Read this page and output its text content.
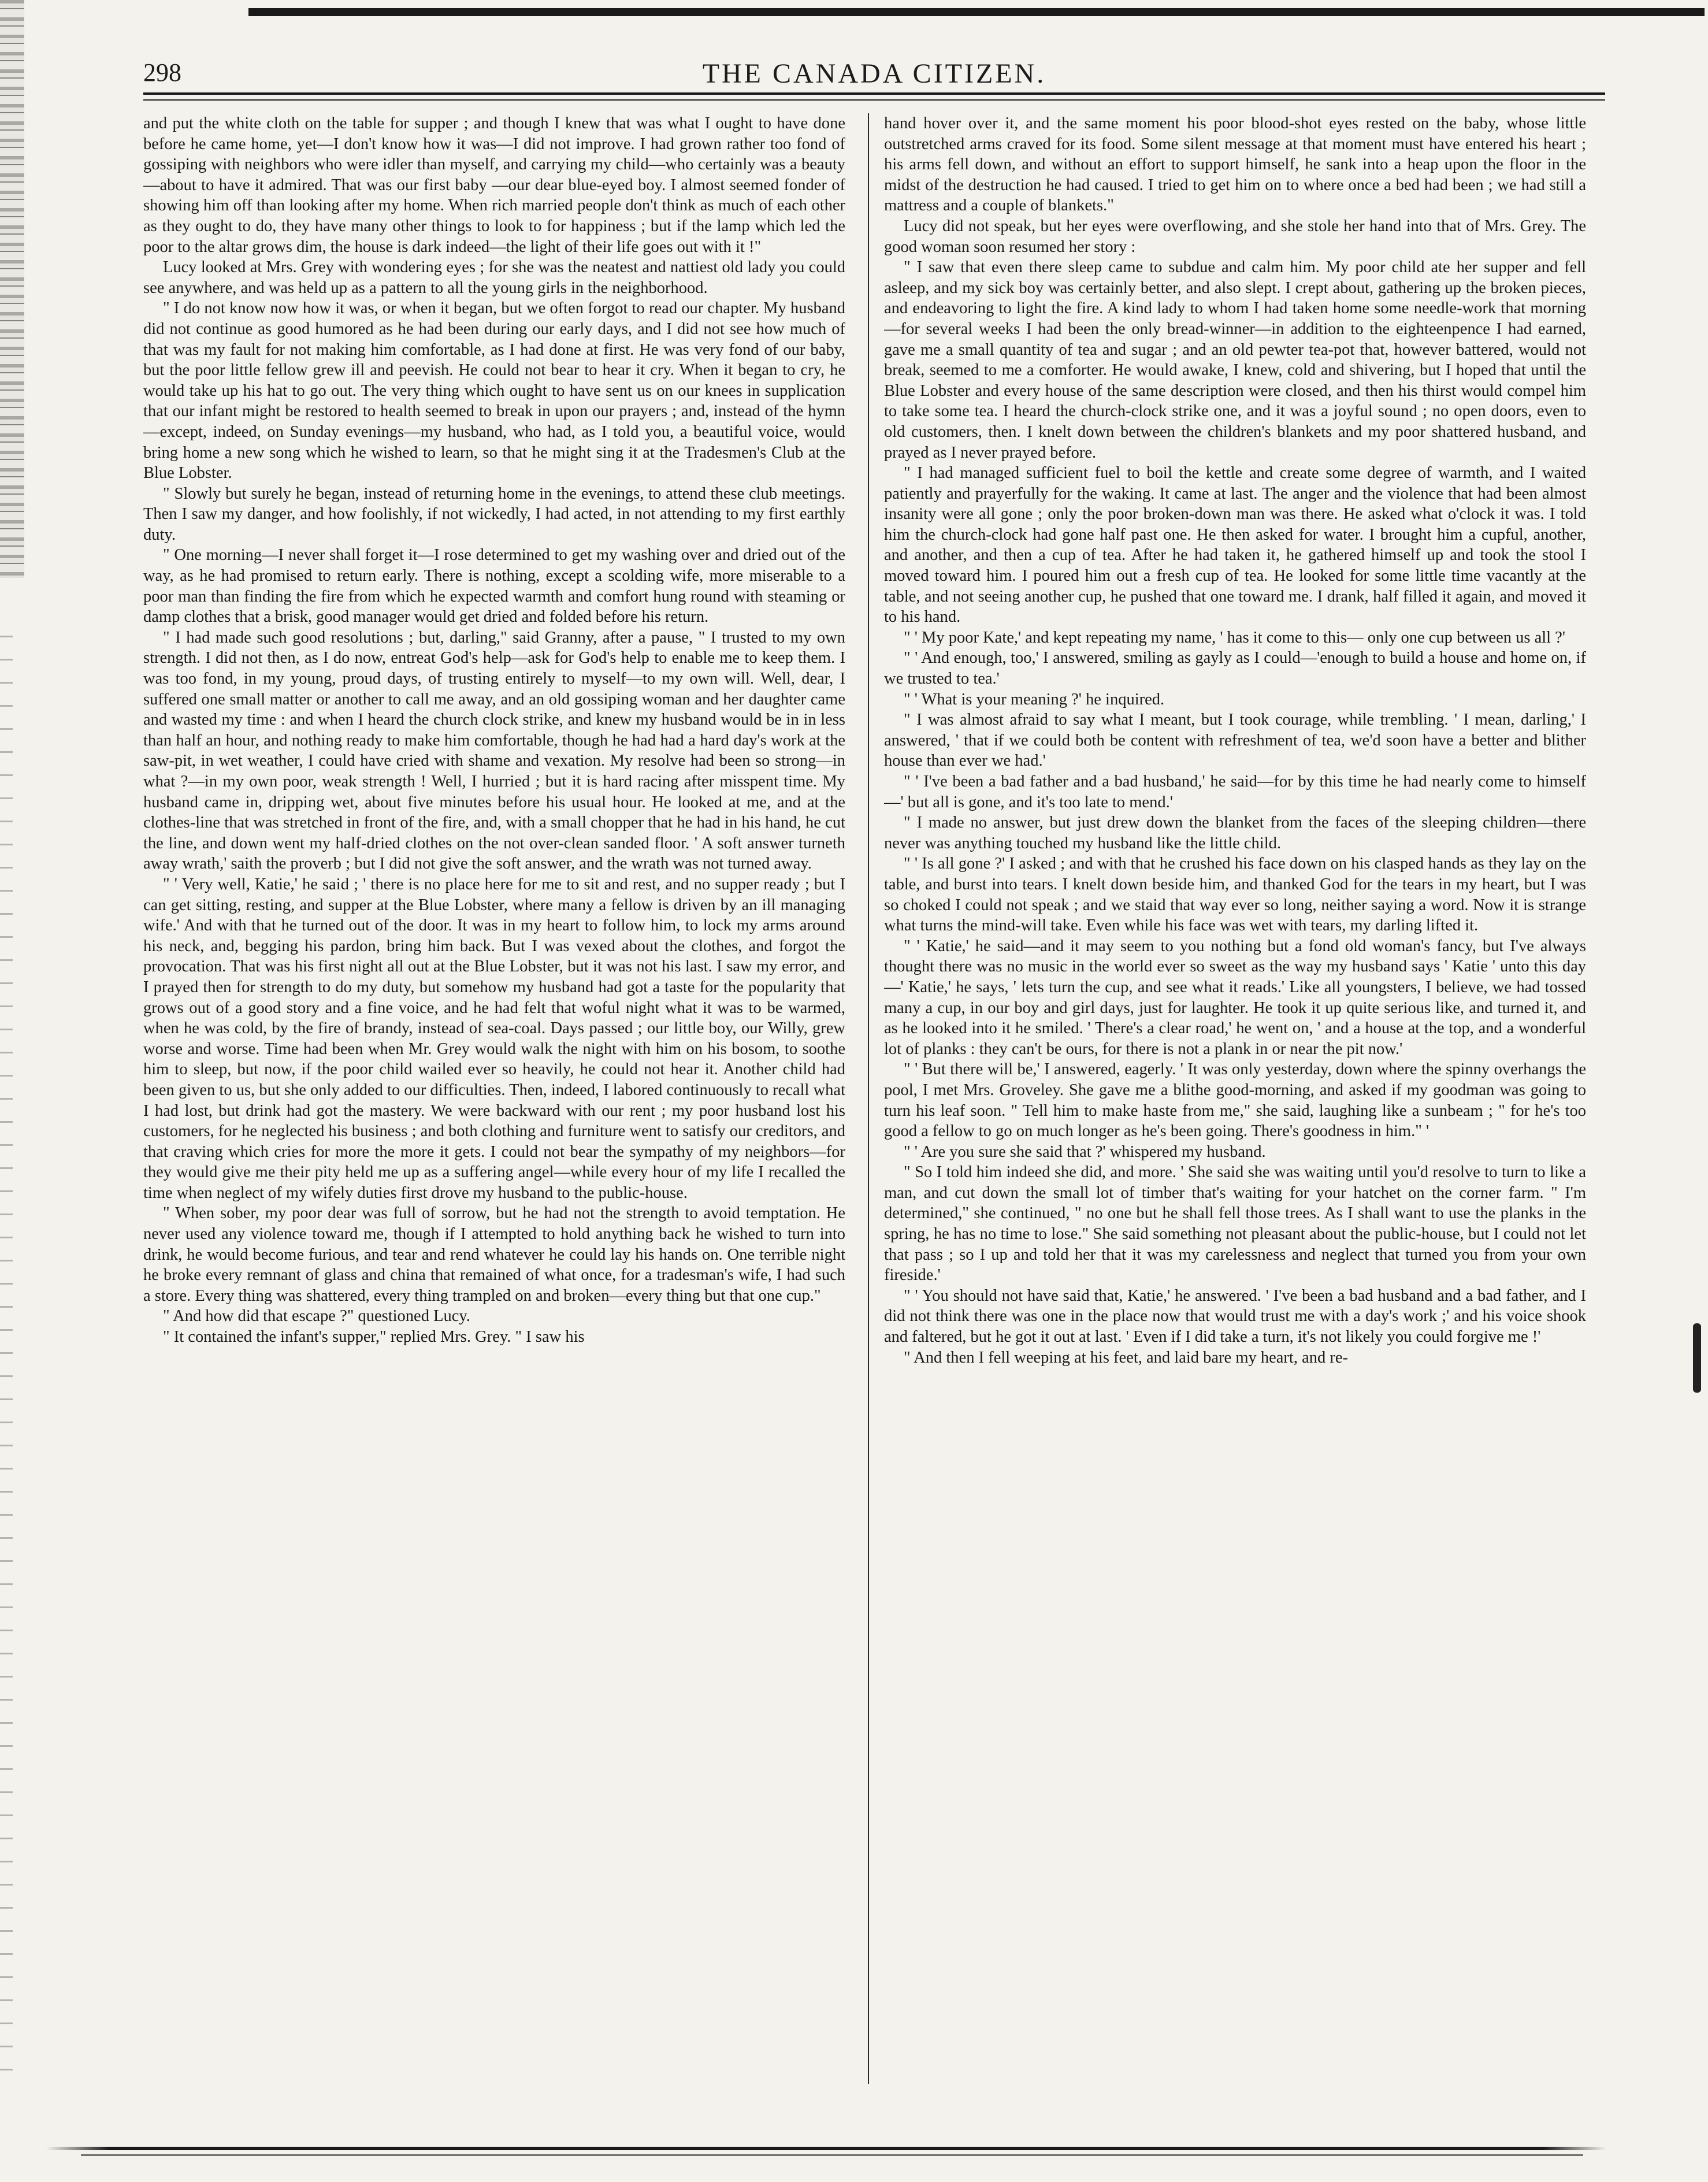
298	THE CANADA CITIZEN.

and put the white cloth on the table for supper ; and though I knew that was what I ought to have done before he came home, yet—I don't know how it was—I did not improve. I had grown rather too fond of gossiping with neighbors who were idler than myself, and carrying my child—who certainly was a beauty—about to have it admired. That was our first baby —our dear blue-eyed boy. I almost seemed fonder of showing him off than looking after my home. When rich married people don't think as much of each other as they ought to do, they have many other things to look to for happiness ; but if the lamp which led the poor to the altar grows dim, the house is dark indeed—the light of their life goes out with it !"

Lucy looked at Mrs. Grey with wondering eyes ; for she was the neatest and nattiest old lady you could see anywhere, and was held up as a pattern to all the young girls in the neighborhood.

" I do not know now how it was, or when it began, but we often forgot to read our chapter. My husband did not continue as good humored as he had been during our early days, and I did not see how much of that was my fault for not making him comfortable, as I had done at first. He was very fond of our baby, but the poor little fellow grew ill and peevish. He could not bear to hear it cry. When it began to cry, he would take up his hat to go out. The very thing which ought to have sent us on our knees in supplication that our infant might be restored to health seemed to break in upon our prayers ; and, instead of the hymn—except, indeed, on Sunday evenings—my husband, who had, as I told you, a beautiful voice, would bring home a new song which he wished to learn, so that he might sing it at the Tradesmen's Club at the Blue Lobster.

" Slowly but surely he began, instead of returning home in the evenings, to attend these club meetings. Then I saw my danger, and how foolishly, if not wickedly, I had acted, in not attending to my first earthly duty.

" One morning—I never shall forget it—I rose determined to get my washing over and dried out of the way, as he had promised to return early. There is nothing, except a scolding wife, more miserable to a poor man than finding the fire from which he expected warmth and comfort hung round with steaming or damp clothes that a brisk, good manager would get dried and folded before his return.

" I had made such good resolutions ; but, darling," said Granny, after a pause, " I trusted to my own strength. I did not then, as I do now, entreat God's help—ask for God's help to enable me to keep them. I was too fond, in my young, proud days, of trusting entirely to myself—to my own will. Well, dear, I suffered one small matter or another to call me away, and an old gossiping woman and her daughter came and wasted my time : and when I heard the church clock strike, and knew my husband would be in in less than half an hour, and nothing ready to make him comfortable, though he had had a hard day's work at the saw-pit, in wet weather, I could have cried with shame and vexation. My resolve had been so strong—in what ?—in my own poor, weak strength ! Well, I hurried ; but it is hard racing after misspent time. My husband came in, dripping wet, about five minutes before his usual hour. He looked at me, and at the clothes-line that was stretched in front of the fire, and, with a small chopper that he had in his hand, he cut the line, and down went my half-dried clothes on the not over-clean sanded floor. ' A soft answer turneth away wrath,' saith the proverb ; but I did not give the soft answer, and the wrath was not turned away.

" ' Very well, Katie,' he said ; ' there is no place here for me to sit and rest, and no supper ready ; but I can get sitting, resting, and supper at the Blue Lobster, where many a fellow is driven by an ill managing wife.' And with that he turned out of the door. It was in my heart to follow him, to lock my arms around his neck, and, begging his pardon, bring him back. But I was vexed about the clothes, and forgot the provocation. That was his first night all out at the Blue Lobster, but it was not his last. I saw my error, and I prayed then for strength to do my duty, but somehow my husband had got a taste for the popularity that grows out of a good story and a fine voice, and he had felt that woful night what it was to be warmed, when he was cold, by the fire of brandy, instead of sea-coal. Days passed ; our little boy, our Willy, grew worse and worse. Time had been when Mr. Grey would walk the night with him on his bosom, to soothe him to sleep, but now, if the poor child wailed ever so heavily, he could not hear it. Another child had been given to us, but she only added to our difficulties. Then, indeed, I labored continuously to recall what I had lost, but drink had got the mastery. We were backward with our rent ; my poor husband lost his customers, for he neglected his business ; and both clothing and furniture went to satisfy our creditors, and that craving which cries for more the more it gets. I could not bear the sympathy of my neighbors—for they would give me their pity held me up as a suffering angel—while every hour of my life I recalled the time when neglect of my wifely duties first drove my husband to the public-house.

" When sober, my poor dear was full of sorrow, but he had not the strength to avoid temptation. He never used any violence toward me, though if I attempted to hold anything back he wished to turn into drink, he would become furious, and tear and rend whatever he could lay his hands on. One terrible night he broke every remnant of glass and china that remained of what once, for a tradesman's wife, I had such a store. Every thing was shattered, every thing trampled on and broken—every thing but that one cup."

" And how did that escape ?" questioned Lucy.

" It contained the infant's supper," replied Mrs. Grey. " I saw his

hand hover over it, and the same moment his poor blood-shot eyes rested on the baby, whose little outstretched arms craved for its food. Some silent message at that moment must have entered his heart ; his arms fell down, and without an effort to support himself, he sank into a heap upon the floor in the midst of the destruction he had caused. I tried to get him on to where once a bed had been ; we had still a mattress and a couple of blankets."

Lucy did not speak, but her eyes were overflowing, and she stole her hand into that of Mrs. Grey. The good woman soon resumed her story :

" I saw that even there sleep came to subdue and calm him. My poor child ate her supper and fell asleep, and my sick boy was certainly better, and also slept. I crept about, gathering up the broken pieces, and endeavoring to light the fire. A kind lady to whom I had taken home some needle-work that morning—for several weeks I had been the only bread-winner—in addition to the eighteenpence I had earned, gave me a small quantity of tea and sugar ; and an old pewter tea-pot that, however battered, would not break, seemed to me a comforter. He would awake, I knew, cold and shivering, but I hoped that until the Blue Lobster and every house of the same description were closed, and then his thirst would compel him to take some tea. I heard the church-clock strike one, and it was a joyful sound ; no open doors, even to old customers, then. I knelt down between the children's blankets and my poor shattered husband, and prayed as I never prayed before.

" I had managed sufficient fuel to boil the kettle and create some degree of warmth, and I waited patiently and prayerfully for the waking. It came at last. The anger and the violence that had been almost insanity were all gone ; only the poor broken-down man was there. He asked what o'clock it was. I told him the church-clock had gone half past one. He then asked for water. I brought him a cupful, another, and another, and then a cup of tea. After he had taken it, he gathered himself up and took the stool I moved toward him. I poured him out a fresh cup of tea. He looked for some little time vacantly at the table, and not seeing another cup, he pushed that one toward me. I drank, half filled it again, and moved it to his hand.

" ' My poor Kate,' and kept repeating my name, ' has it come to this— only one cup between us all ?'

" ' And enough, too,' I answered, smiling as gayly as I could—'enough to build a house and home on, if we trusted to tea.'

" ' What is your meaning ?' he inquired.

" I was almost afraid to say what I meant, but I took courage, while trembling. ' I mean, darling,' I answered, ' that if we could both be content with refreshment of tea, we'd soon have a better and blither house than ever we had.'

" ' I've been a bad father and a bad husband,' he said—for by this time he had nearly come to himself—' but all is gone, and it's too late to mend.'

" I made no answer, but just drew down the blanket from the faces of the sleeping children—there never was anything touched my husband like the little child.

" ' Is all gone ?' I asked ; and with that he crushed his face down on his clasped hands as they lay on the table, and burst into tears. I knelt down beside him, and thanked God for the tears in my heart, but I was so choked I could not speak ; and we staid that way ever so long, neither saying a word. Now it is strange what turns the mind-will take. Even while his face was wet with tears, my darling lifted it.

" ' Katie,' he said—and it may seem to you nothing but a fond old woman's fancy, but I've always thought there was no music in the world ever so sweet as the way my husband says ' Katie ' unto this day—' Katie,' he says, ' lets turn the cup, and see what it reads.' Like all youngsters, I believe, we had tossed many a cup, in our boy and girl days, just for laughter. He took it up quite serious like, and turned it, and as he looked into it he smiled. ' There's a clear road,' he went on, ' and a house at the top, and a wonderful lot of planks : they can't be ours, for there is not a plank in or near the pit now.'

" ' But there will be,' I answered, eagerly. ' It was only yesterday, down where the spinny overhangs the pool, I met Mrs. Groveley. She gave me a blithe good-morning, and asked if my goodman was going to turn his leaf soon. " Tell him to make haste from me," she said, laughing like a sunbeam ; " for he's too good a fellow to go on much longer as he's been going. There's goodness in him." '

" ' Are you sure she said that ?' whispered my husband.

" So I told him indeed she did, and more. ' She said she was waiting until you'd resolve to turn to like a man, and cut down the small lot of timber that's waiting for your hatchet on the corner farm. " I'm determined," she continued, " no one but he shall fell those trees. As I shall want to use the planks in the spring, he has no time to lose." She said something not pleasant about the public-house, but I could not let that pass ; so I up and told her that it was my carelessness and neglect that turned you from your own fireside.'

" ' You should not have said that, Katie,' he answered. ' I've been a bad husband and a bad father, and I did not think there was one in the place now that would trust me with a day's work ;' and his voice shook and faltered, but he got it out at last. ' Even if I did take a turn, it's not likely you could forgive me !'

" And then I fell weeping at his feet, and laid bare my heart, and re-
